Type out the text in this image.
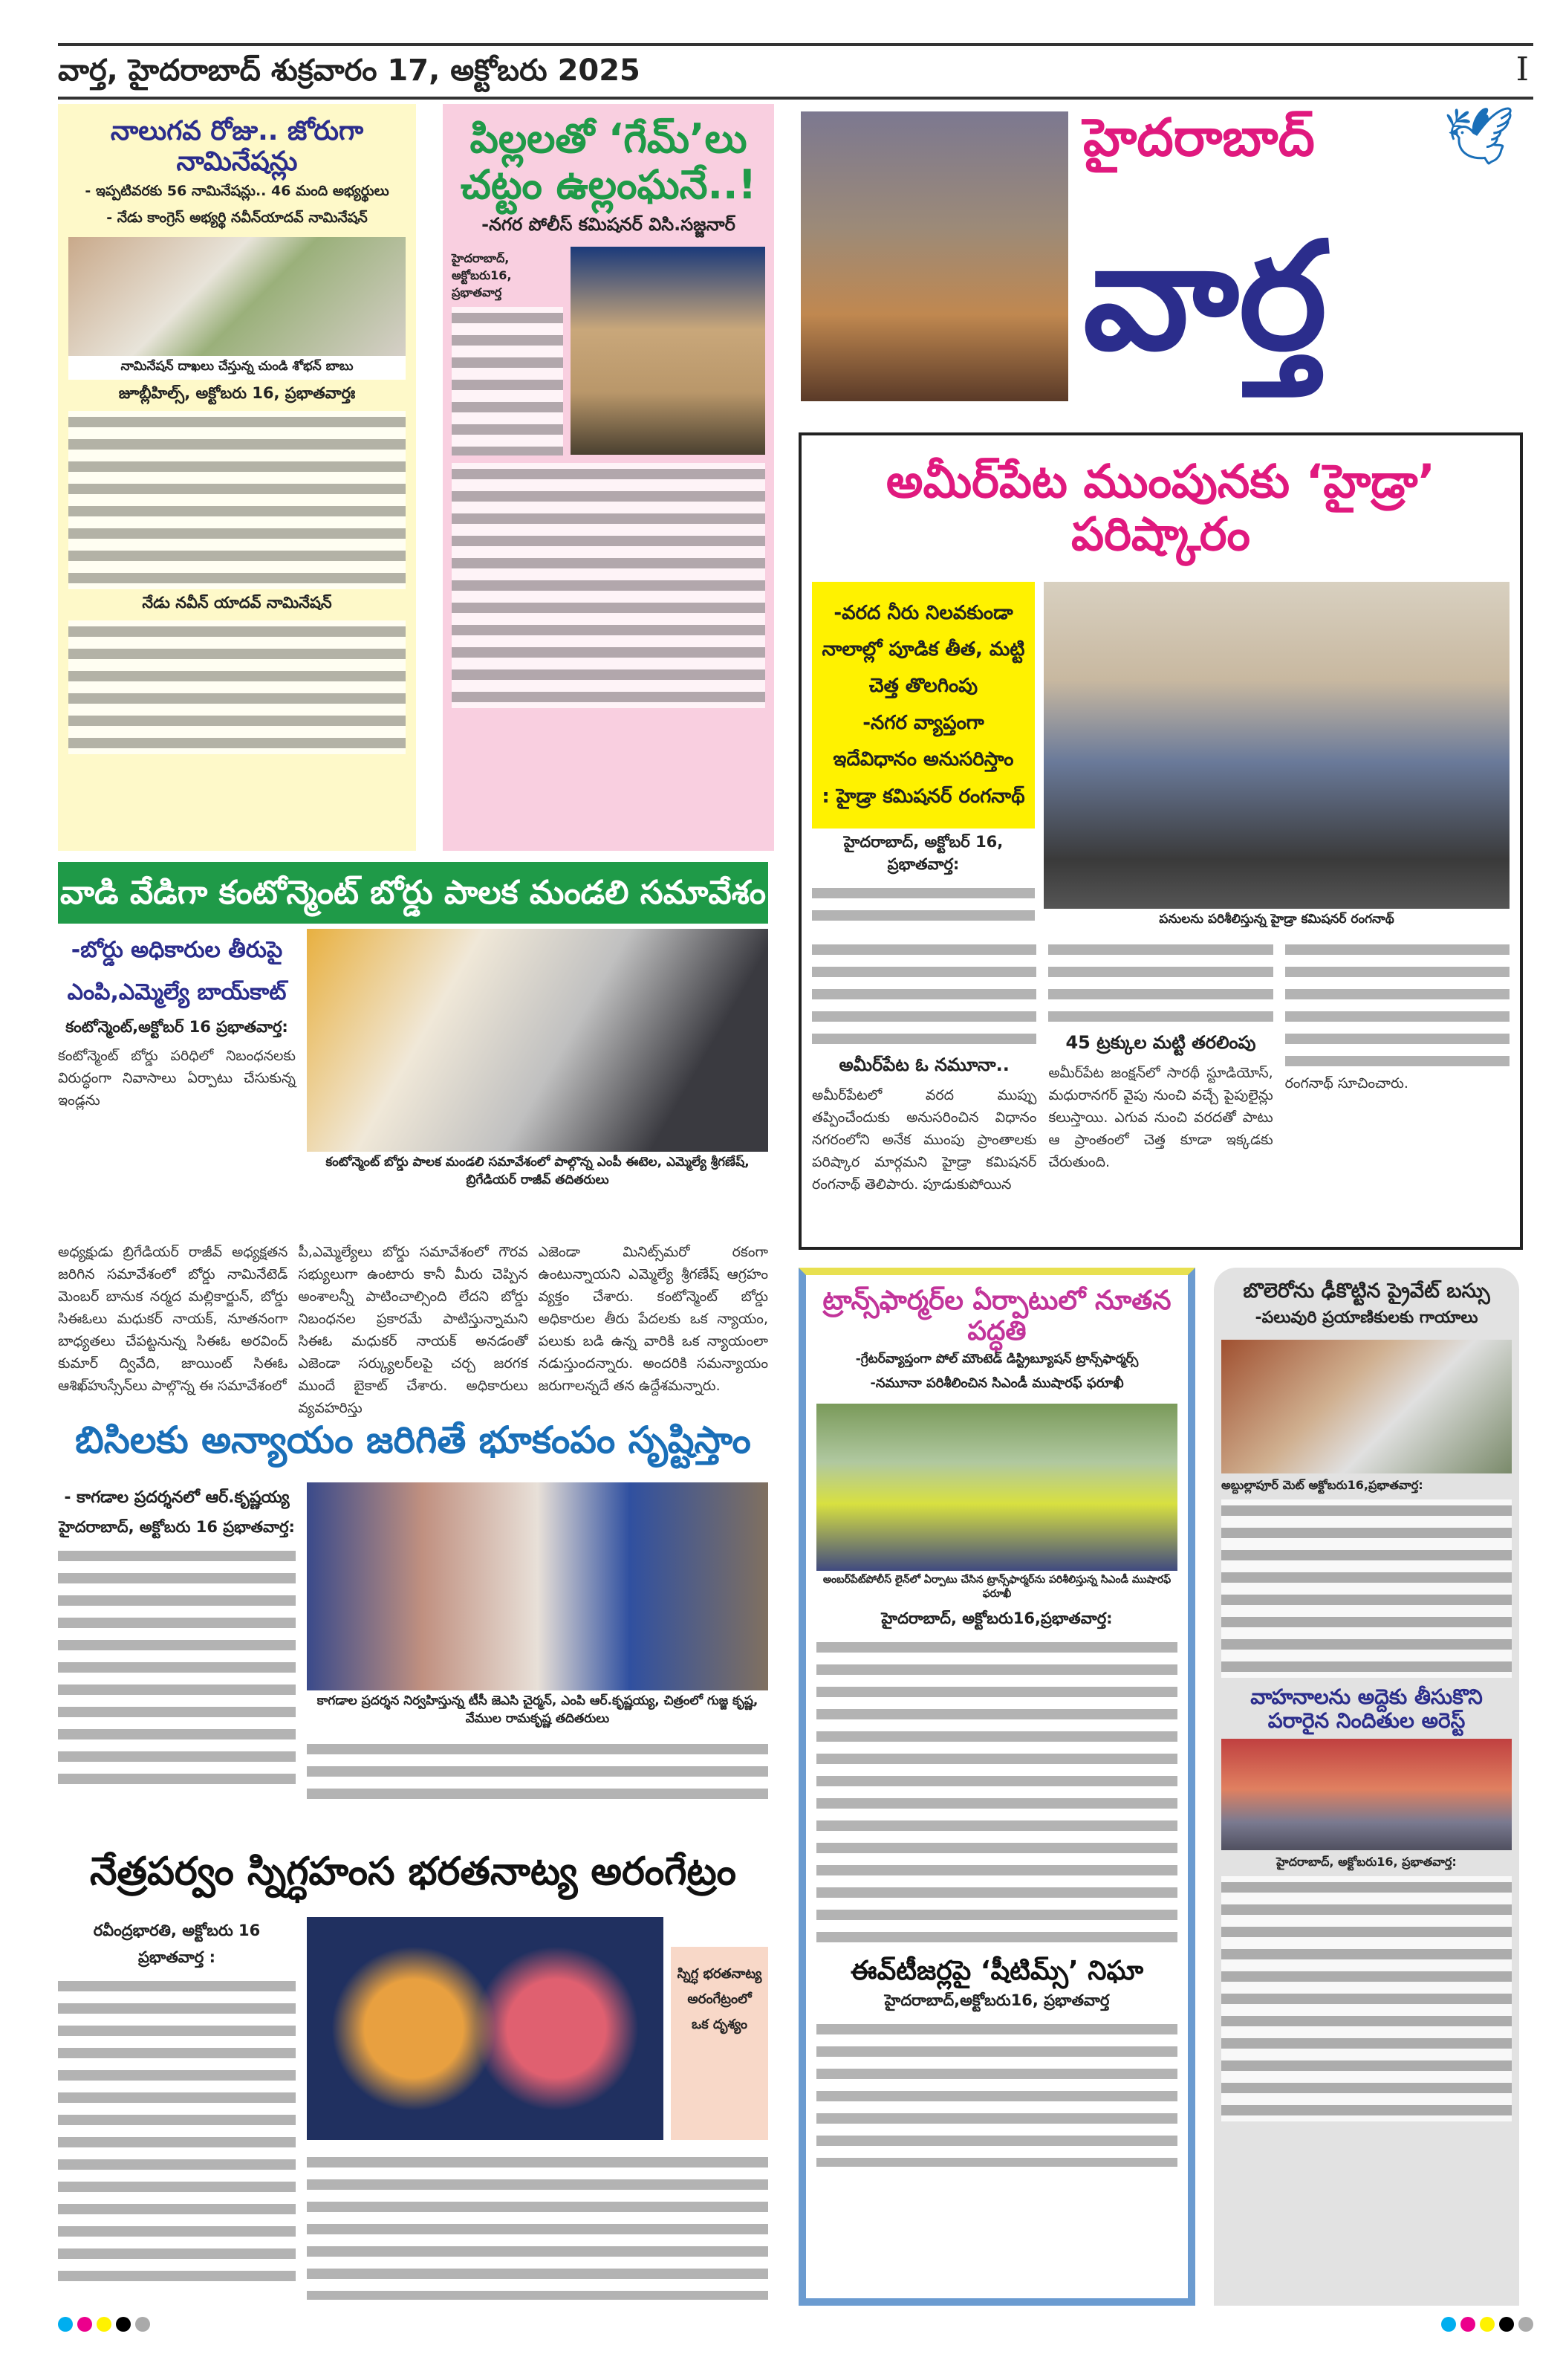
వార్త, హైదరాబాద్ శుక్రవారం 17, అక్టోబరు 2025	I
నాలుగవ రోజు.. జోరుగా నామినేషన్లు
- ఇప్పటివరకు 56 నామినేషన్లు.. 46 మంది అభ్యర్థులు
- నేడు కాంగ్రెస్ అభ్యర్థి నవీన్‌యాదవ్ నామినేషన్
నామినేషన్ దాఖలు చేస్తున్న చుండి శోభన్ బాబు
జూబ్లీహిల్స్, అక్టోబరు 16, ప్రభాతవార్తః
నేడు నవీన్ యాదవ్ నామినేషన్
పిల్లలతో ‘గేమ్’లు
చట్టం ఉల్లంఘనే..!
-నగర పోలీస్ కమిషనర్ విసి.సజ్జనార్
హైదరాబాద్, అక్టోబరు16, ప్రభాతవార్త
🕊
హైదరాబాద్
వార్త
అమీర్‌పేట ముంపునకు ‘హైడ్రా’ పరిష్కారం
-వరద నీరు నిలవకుండా
నాలాల్లో పూడిక తీత, మట్టి
చెత్త తొలగింపు
-నగర వ్యాప్తంగా
ఇదేవిధానం అనుసరిస్తాం
: హైడ్రా కమిషనర్ రంగనాథ్
హైదరాబాద్, అక్టోబర్ 16, ప్రభాతవార్త:
పనులను పరిశీలిస్తున్న హైడ్రా కమిషనర్ రంగనాథ్
అమీర్‌పేట ఓ నమూనా..
అమీర్‌పేటలో వరద ముప్పు తప్పించేందుకు అనుసరించిన విధానం నగరంలోని అనేక ముంపు ప్రాంతాలకు పరిష్కార మార్గమని హైడ్రా కమిషనర్ రంగనాథ్ తెలిపారు. పూడుకుపోయిన
45 ట్రక్కుల మట్టి తరలింపు
అమీర్‌పేట జంక్షన్‌లో సారథీ స్టూడియోస్, మధురానగర్ వైపు నుంచి వచ్చే పైపులైన్లు కలుస్తాయి. ఎగువ నుంచి వరదతో పాటు ఆ ప్రాంతంలో చెత్త కూడా ఇక్కడకు చేరుతుంది.
రంగనాథ్ సూచించారు.
వాడి వేడిగా కంటోన్మెంట్ బోర్డు పాలక మండలి సమావేశం
-బోర్డు అధికారుల తీరుపై
ఎంపి,ఎమ్మెల్యే బాయ్‌కాట్
కంటోన్మెంట్,అక్టోబర్ 16 ప్రభాతవార్త:
కంటోన్మెంట్ బోర్డు పరిధిలో నిబంధనలకు విరుద్ధంగా నివాసాలు ఏర్పాటు చేసుకున్న ఇండ్లను
కంటోన్మెంట్ బోర్డు పాలక మండలి సమావేశంలో పాల్గొన్న ఎంపీ ఈటెల, ఎమ్మెల్యే శ్రీగణేష్, బ్రిగేడియర్ రాజీవ్ తదితరులు
అధ్యక్షుడు బ్రిగేడియర్ రాజీవ్ అధ్యక్షతన జరిగిన సమావేశంలో బోర్డు నామినేటెడ్ మెంబర్ బానుక నర్మద మల్లికార్జున్, బోర్డు సిఈఓలు మధుకర్ నాయక్, నూతనంగా బాధ్యతలు చేపట్టనున్న సిఈఓ అరవింద్ కుమార్ ద్వివేది, జాయింట్ సిఈఓ ఆశిఖ్‌హుస్సేన్‌లు పాల్గొన్న ఈ సమావేశంలో
పీ,ఎమ్మెల్యేలు బోర్డు సమావేశంలో గౌరవ సభ్యులుగా ఉంటారు కానీ మీరు చెప్పిన అంశాలన్నీ పాటించాల్సింది లేదని బోర్డు నిబంధనల ప్రకారమే పాటిస్తున్నామని సిఈఓ మధుకర్ నాయక్ అనడంతో ఎజెండా సర్క్యులర్‌లపై చర్చ జరగక ముందే బైకాట్ చేశారు. అధికారులు వ్యవహరిస్తు
ఎజెండా మినిట్స్‌మరో రకంగా ఉంటున్నాయని ఎమ్మెల్యే శ్రీగణేష్ ఆగ్రహం వ్యక్తం చేశారు. కంటోన్మెంట్ బోర్డు అధికారుల తీరు పేదలకు ఒక న్యాయం, పలుకు బడి ఉన్న వారికి ఒక న్యాయంలా నడుస్తుందన్నారు. అందరికి సమన్యాయం జరుగాలన్నదే తన ఉద్దేశమన్నారు.
బిసిలకు అన్యాయం జరిగితే భూకంపం సృష్టిస్తాం
- కాగడాల ప్రదర్శనలో ఆర్.కృష్ణయ్య
హైదరాబాద్, అక్టోబరు 16 ప్రభాతవార్త:
కాగడాల ప్రదర్శన నిర్వహిస్తున్న టీసీ జెఎసి చైర్మన్, ఎంపి ఆర్.కృష్ణయ్య, చిత్రంలో గుజ్జ కృష్ణ, వేముల రామకృష్ణ తదితరులు
నేత్రపర్వం స్నిగ్ధహంస భరతనాట్య అరంగేట్రం
రవీంద్రభారతి, అక్టోబరు 16
ప్రభాతవార్త :
స్నిగ్ధ భరతనాట్య అరంగేట్రంలో ఒక దృశ్యం
ట్రాన్స్‌ఫార్మర్‌ల ఏర్పాటులో నూతన పద్ధతి
-గ్రేటర్‌వ్యాప్తంగా పోల్ మౌంటెడ్ డిస్ట్రిబ్యూషన్ ట్రాన్స్‌ఫార్మర్స్
-నమూనా పరిశీలించిన సిఎండీ ముషారఫ్ ఫరూఖీ
అంబర్‌పేట్‌పోలీస్ లైన్‌లో ఏర్పాటు చేసిన ట్రాన్స్‌ఫార్మర్‌ను పరిశీలిస్తున్న సిఎండీ ముషారఫ్ ఫరూఖీ
హైదరాబాద్, అక్టోబరు16,ప్రభాతవార్త:
ఈవ్‌టీజర్లపై ‘షీటిమ్స్’ నిఘా
హైదరాబాద్,అక్టోబరు16, ప్రభాతవార్త
బొలెరోను ఢీకొట్టిన ప్రైవేట్ బస్సు
-పలువురి ప్రయాణికులకు గాయాలు
అబ్దుల్లాపూర్ మెట్ అక్టోబరు16,ప్రభాతవార్త:
వాహనాలను అద్దెకు తీసుకొని
పరారైన నిందితుల అరెస్ట్
హైదరాబాద్, అక్టోబరు16, ప్రభాతవార్త:
